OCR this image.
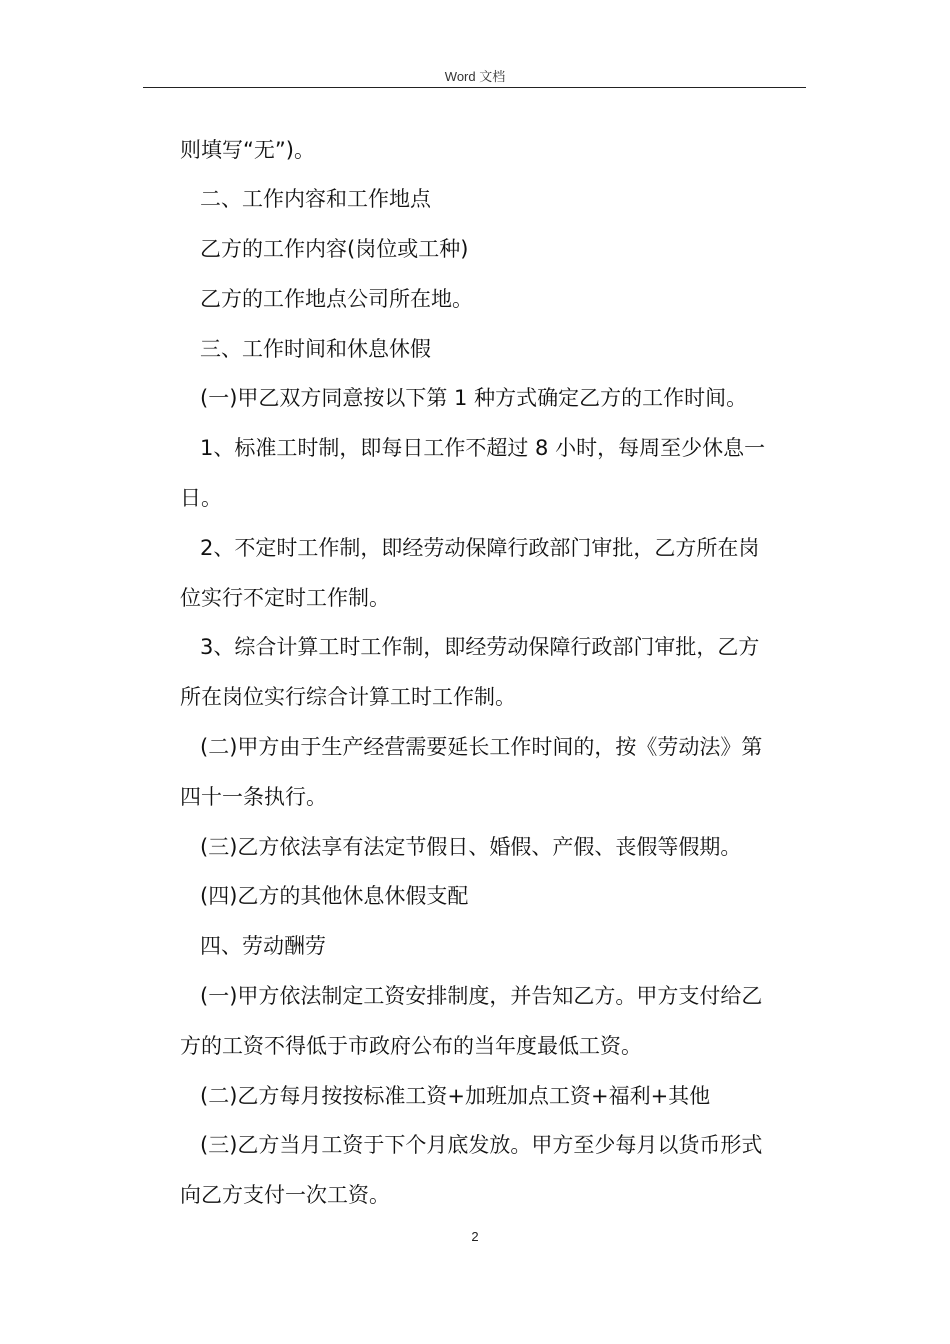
Word 文档
则填写“无”)。
二、工作内容和工作地点
乙方的工作内容(岗位或工种)
乙方的工作地点公司所在地。
三、工作时间和休息休假
(一)甲乙双方同意按以下第 1 种方式确定乙方的工作时间。
1、标准工时制，即每日工作不超过 8 小时，每周至少休息一
日。
2、不定时工作制，即经劳动保障行政部门审批，乙方所在岗
位实行不定时工作制。
3、综合计算工时工作制，即经劳动保障行政部门审批，乙方
所在岗位实行综合计算工时工作制。
(二)甲方由于生产经营需要延长工作时间的，按《劳动法》第
四十一条执行。
(三)乙方依法享有法定节假日、婚假、产假、丧假等假期。
(四)乙方的其他休息休假支配
四、劳动酬劳
(一)甲方依法制定工资安排制度，并告知乙方。甲方支付给乙
方的工资不得低于市政府公布的当年度最低工资。
(二)乙方每月按按标准工资+加班加点工资+福利+其他
(三)乙方当月工资于下个月底发放。甲方至少每月以货币形式
向乙方支付一次工资。
2
